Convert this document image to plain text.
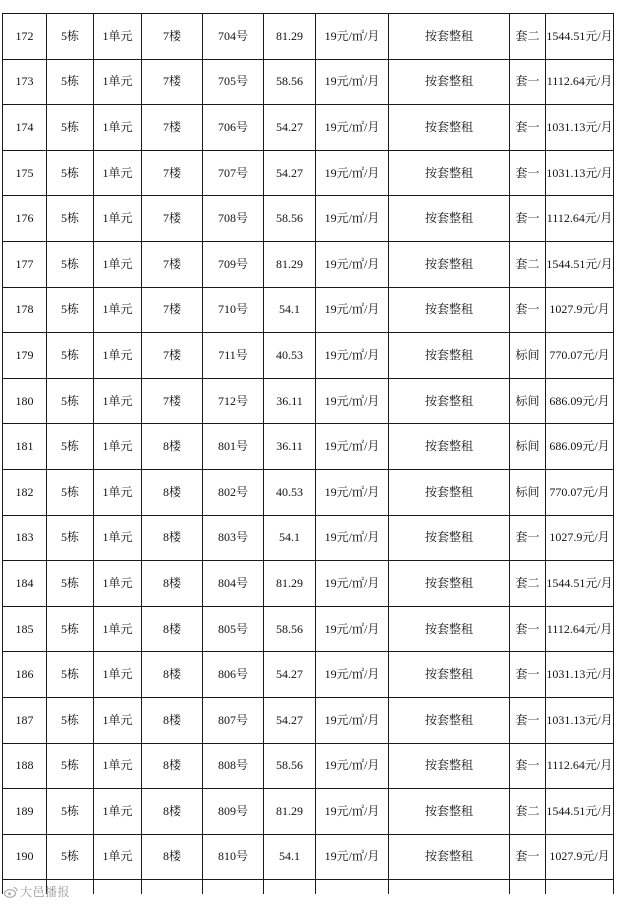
172	5栋	1单元	7楼	704号	81.29	19元/㎡/月	按套整租	套二	1544.51元/月
173	5栋	1单元	7楼	705号	58.56	19元/㎡/月	按套整租	套一	1112.64元/月
174	5栋	1单元	7楼	706号	54.27	19元/㎡/月	按套整租	套一	1031.13元/月
175	5栋	1单元	7楼	707号	54.27	19元/㎡/月	按套整租	套一	1031.13元/月
176	5栋	1单元	7楼	708号	58.56	19元/㎡/月	按套整租	套一	1112.64元/月
177	5栋	1单元	7楼	709号	81.29	19元/㎡/月	按套整租	套二	1544.51元/月
178	5栋	1单元	7楼	710号	54.1	19元/㎡/月	按套整租	套一	1027.9元/月
179	5栋	1单元	7楼	711号	40.53	19元/㎡/月	按套整租	标间	770.07元/月
180	5栋	1单元	7楼	712号	36.11	19元/㎡/月	按套整租	标间	686.09元/月
181	5栋	1单元	8楼	801号	36.11	19元/㎡/月	按套整租	标间	686.09元/月
182	5栋	1单元	8楼	802号	40.53	19元/㎡/月	按套整租	标间	770.07元/月
183	5栋	1单元	8楼	803号	54.1	19元/㎡/月	按套整租	套一	1027.9元/月
184	5栋	1单元	8楼	804号	81.29	19元/㎡/月	按套整租	套二	1544.51元/月
185	5栋	1单元	8楼	805号	58.56	19元/㎡/月	按套整租	套一	1112.64元/月
186	5栋	1单元	8楼	806号	54.27	19元/㎡/月	按套整租	套一	1031.13元/月
187	5栋	1单元	8楼	807号	54.27	19元/㎡/月	按套整租	套一	1031.13元/月
188	5栋	1单元	8楼	808号	58.56	19元/㎡/月	按套整租	套一	1112.64元/月
189	5栋	1单元	8楼	809号	81.29	19元/㎡/月	按套整租	套二	1544.51元/月
190	5栋	1单元	8楼	810号	54.1	19元/㎡/月	按套整租	套一	1027.9元/月

大邑播报
